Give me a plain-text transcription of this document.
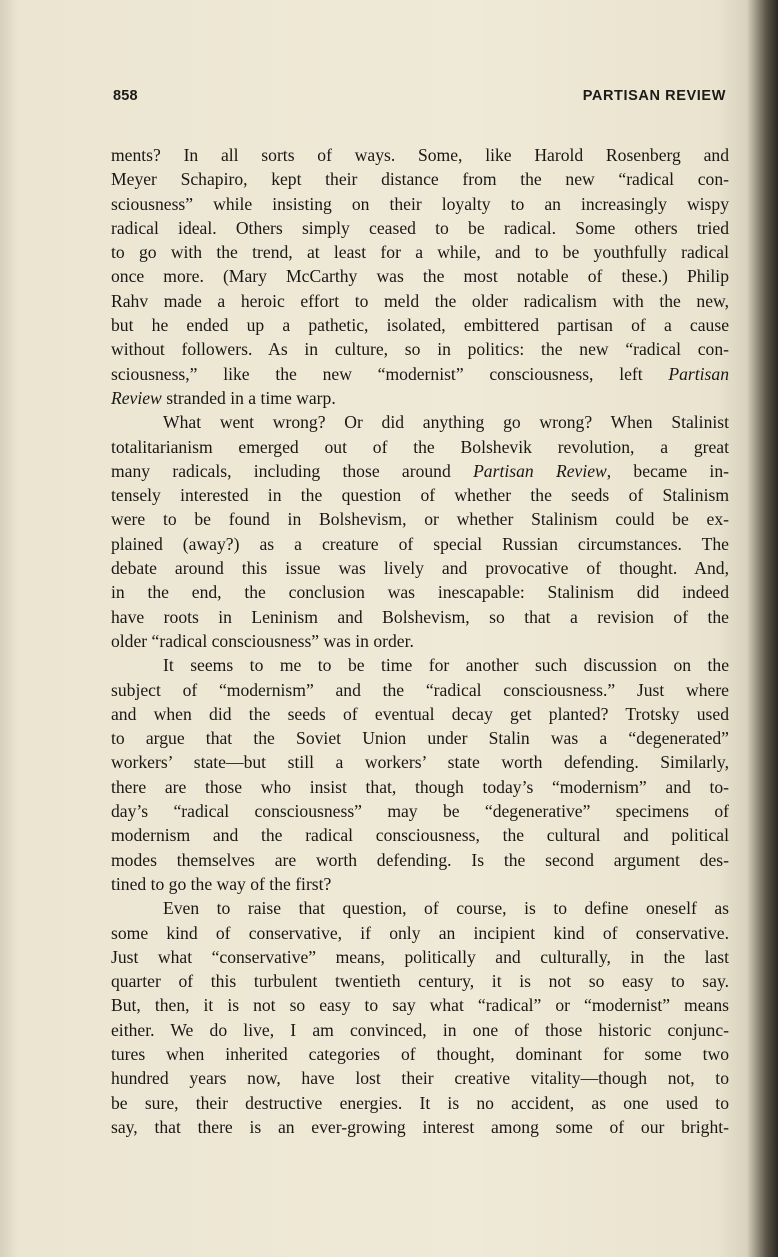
858	PARTISAN REVIEW
ments? In all sorts of ways. Some, like Harold Rosenberg and
Meyer Schapiro, kept their distance from the new “radical con-
sciousness” while insisting on their loyalty to an increasingly wispy
radical ideal. Others simply ceased to be radical. Some others tried
to go with the trend, at least for a while, and to be youthfully radical
once more. (Mary McCarthy was the most notable of these.) Philip
Rahv made a heroic effort to meld the older radicalism with the new,
but he ended up a pathetic, isolated, embittered partisan of a cause
without followers. As in culture, so in politics: the new “radical con-
sciousness,” like the new “modernist” consciousness, left Partisan
Review stranded in a time warp.
What went wrong? Or did anything go wrong? When Stalinist
totalitarianism emerged out of the Bolshevik revolution, a great
many radicals, including those around Partisan Review, became in-
tensely interested in the question of whether the seeds of Stalinism
were to be found in Bolshevism, or whether Stalinism could be ex-
plained (away?) as a creature of special Russian circumstances. The
debate around this issue was lively and provocative of thought. And,
in the end, the conclusion was inescapable: Stalinism did indeed
have roots in Leninism and Bolshevism, so that a revision of the
older “radical consciousness” was in order.
It seems to me to be time for another such discussion on the
subject of “modernism” and the “radical consciousness.” Just where
and when did the seeds of eventual decay get planted? Trotsky used
to argue that the Soviet Union under Stalin was a “degenerated”
workers’ state—but still a workers’ state worth defending. Similarly,
there are those who insist that, though today’s “modernism” and to-
day’s “radical consciousness” may be “degenerative” specimens of
modernism and the radical consciousness, the cultural and political
modes themselves are worth defending. Is the second argument des-
tined to go the way of the first?
Even to raise that question, of course, is to define oneself as
some kind of conservative, if only an incipient kind of conservative.
Just what “conservative” means, politically and culturally, in the last
quarter of this turbulent twentieth century, it is not so easy to say.
But, then, it is not so easy to say what “radical” or “modernist” means
either. We do live, I am convinced, in one of those historic conjunc-
tures when inherited categories of thought, dominant for some two
hundred years now, have lost their creative vitality—though not, to
be sure, their destructive energies. It is no accident, as one used to
say, that there is an ever-growing interest among some of our bright-
